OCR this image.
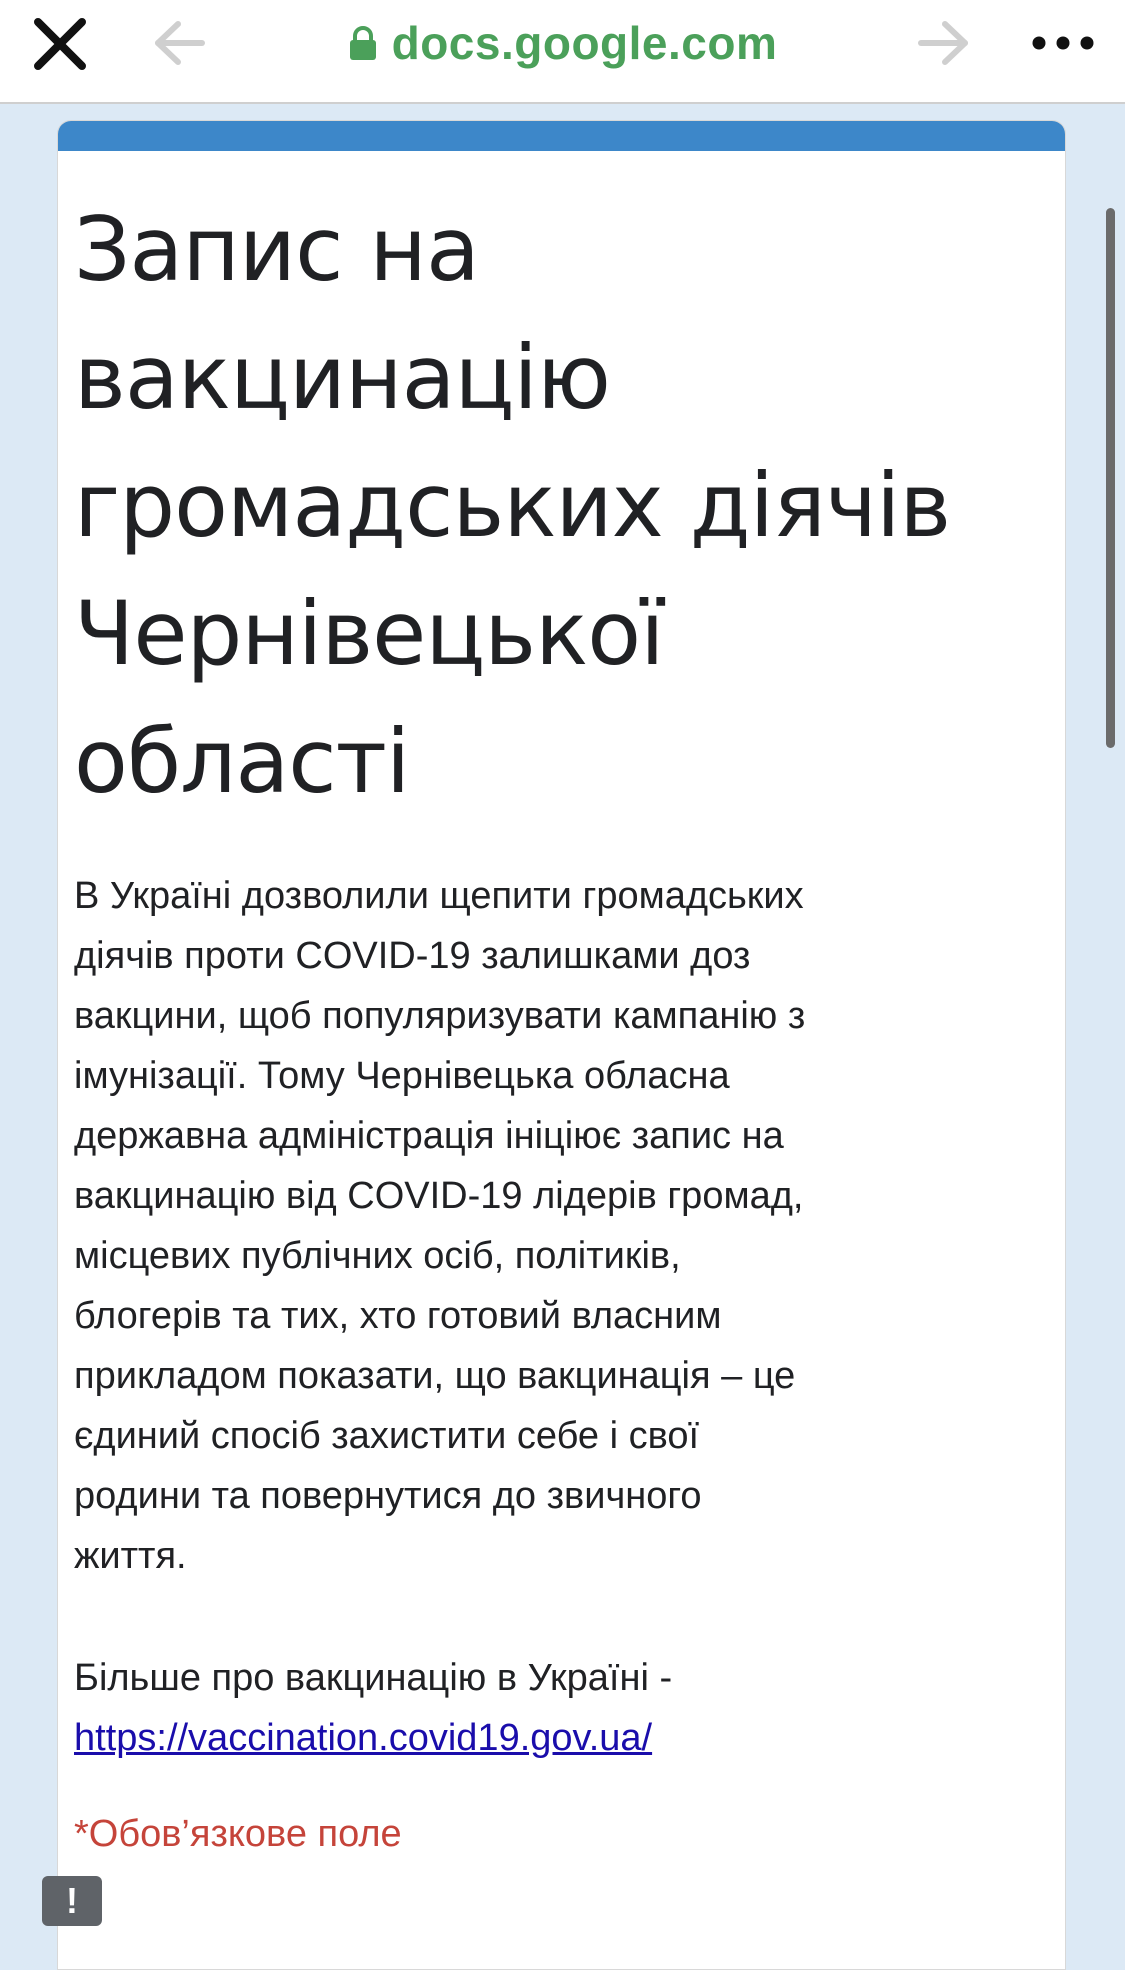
docs.google.com
Запис на
вакцинацію
громадських діячів
Чернівецької
області

В Україні дозволили щепити громадських
діячів проти COVID-19 залишками доз
вакцини, щоб популяризувати кампанію з
імунізації. Тому Чернівецька обласна
державна адміністрація ініціює запис на
вакцинацію від COVID-19 лідерів громад,
місцевих публічних осіб, політиків,
блогерів та тих, хто готовий власним
прикладом показати, що вакцинація – це
єдиний спосіб захистити себе і свої
родини та повернутися до звичного
життя.

Більше про вакцинацію в Україні -
https://vaccination.covid19.gov.ua/

*Обов’язкове поле

!
